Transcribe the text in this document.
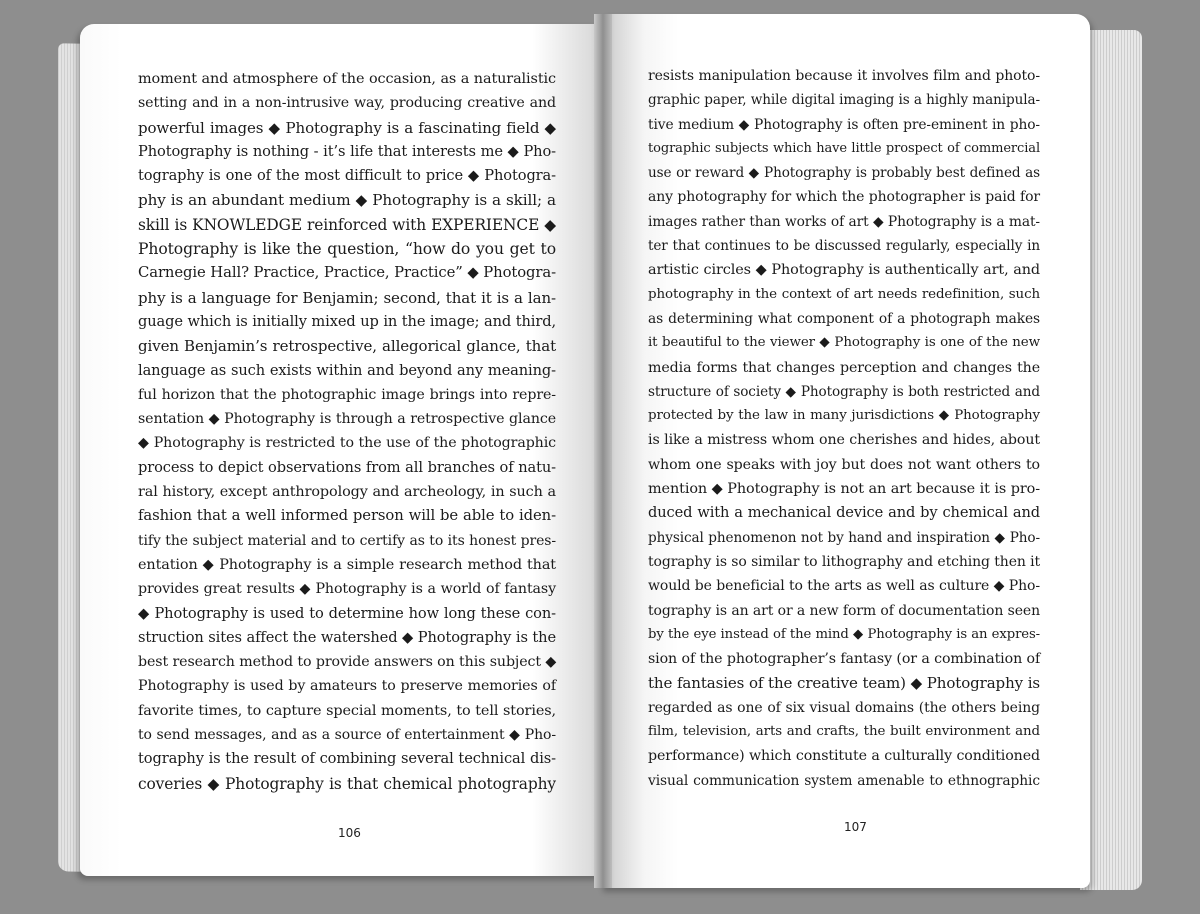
moment and atmosphere of the occasion, as a naturalistic
setting and in a non-intrusive way, producing creative and
powerful images ◆ Photography is a fascinating field ◆
Photography is nothing - it’s life that interests me ◆ Pho-
tography is one of the most difficult to price ◆ Photogra-
phy is an abundant medium ◆ Photography is a skill; a
skill is KNOWLEDGE reinforced with EXPERIENCE ◆
Photography is like the question, “how do you get to
Carnegie Hall? Practice, Practice, Practice” ◆ Photogra-
phy is a language for Benjamin; second, that it is a lan-
guage which is initially mixed up in the image; and third,
given Benjamin’s retrospective, allegorical glance, that
language as such exists within and beyond any meaning-
ful horizon that the photographic image brings into repre-
sentation ◆ Photography is through a retrospective glance
◆ Photography is restricted to the use of the photographic
process to depict observations from all branches of natu-
ral history, except anthropology and archeology, in such a
fashion that a well informed person will be able to iden-
tify the subject material and to certify as to its honest pres-
entation ◆ Photography is a simple research method that
provides great results ◆ Photography is a world of fantasy
◆ Photography is used to determine how long these con-
struction sites affect the watershed ◆ Photography is the
best research method to provide answers on this subject ◆
Photography is used by amateurs to preserve memories of
favorite times, to capture special moments, to tell stories,
to send messages, and as a source of entertainment ◆ Pho-
tography is the result of combining several technical dis-
coveries ◆ Photography is that chemical photography
106
resists manipulation because it involves film and photo-
graphic paper, while digital imaging is a highly manipula-
tive medium ◆ Photography is often pre-eminent in pho-
tographic subjects which have little prospect of commercial
use or reward ◆ Photography is probably best defined as
any photography for which the photographer is paid for
images rather than works of art ◆ Photography is a mat-
ter that continues to be discussed regularly, especially in
artistic circles ◆ Photography is authentically art, and
photography in the context of art needs redefinition, such
as determining what component of a photograph makes
it beautiful to the viewer ◆ Photography is one of the new
media forms that changes perception and changes the
structure of society ◆ Photography is both restricted and
protected by the law in many jurisdictions ◆ Photography
is like a mistress whom one cherishes and hides, about
whom one speaks with joy but does not want others to
mention ◆ Photography is not an art because it is pro-
duced with a mechanical device and by chemical and
physical phenomenon not by hand and inspiration ◆ Pho-
tography is so similar to lithography and etching then it
would be beneficial to the arts as well as culture ◆ Pho-
tography is an art or a new form of documentation seen
by the eye instead of the mind ◆ Photography is an expres-
sion of the photographer’s fantasy (or a combination of
the fantasies of the creative team) ◆ Photography is
regarded as one of six visual domains (the others being
film, television, arts and crafts, the built environment and
performance) which constitute a culturally conditioned
visual communication system amenable to ethnographic
107
